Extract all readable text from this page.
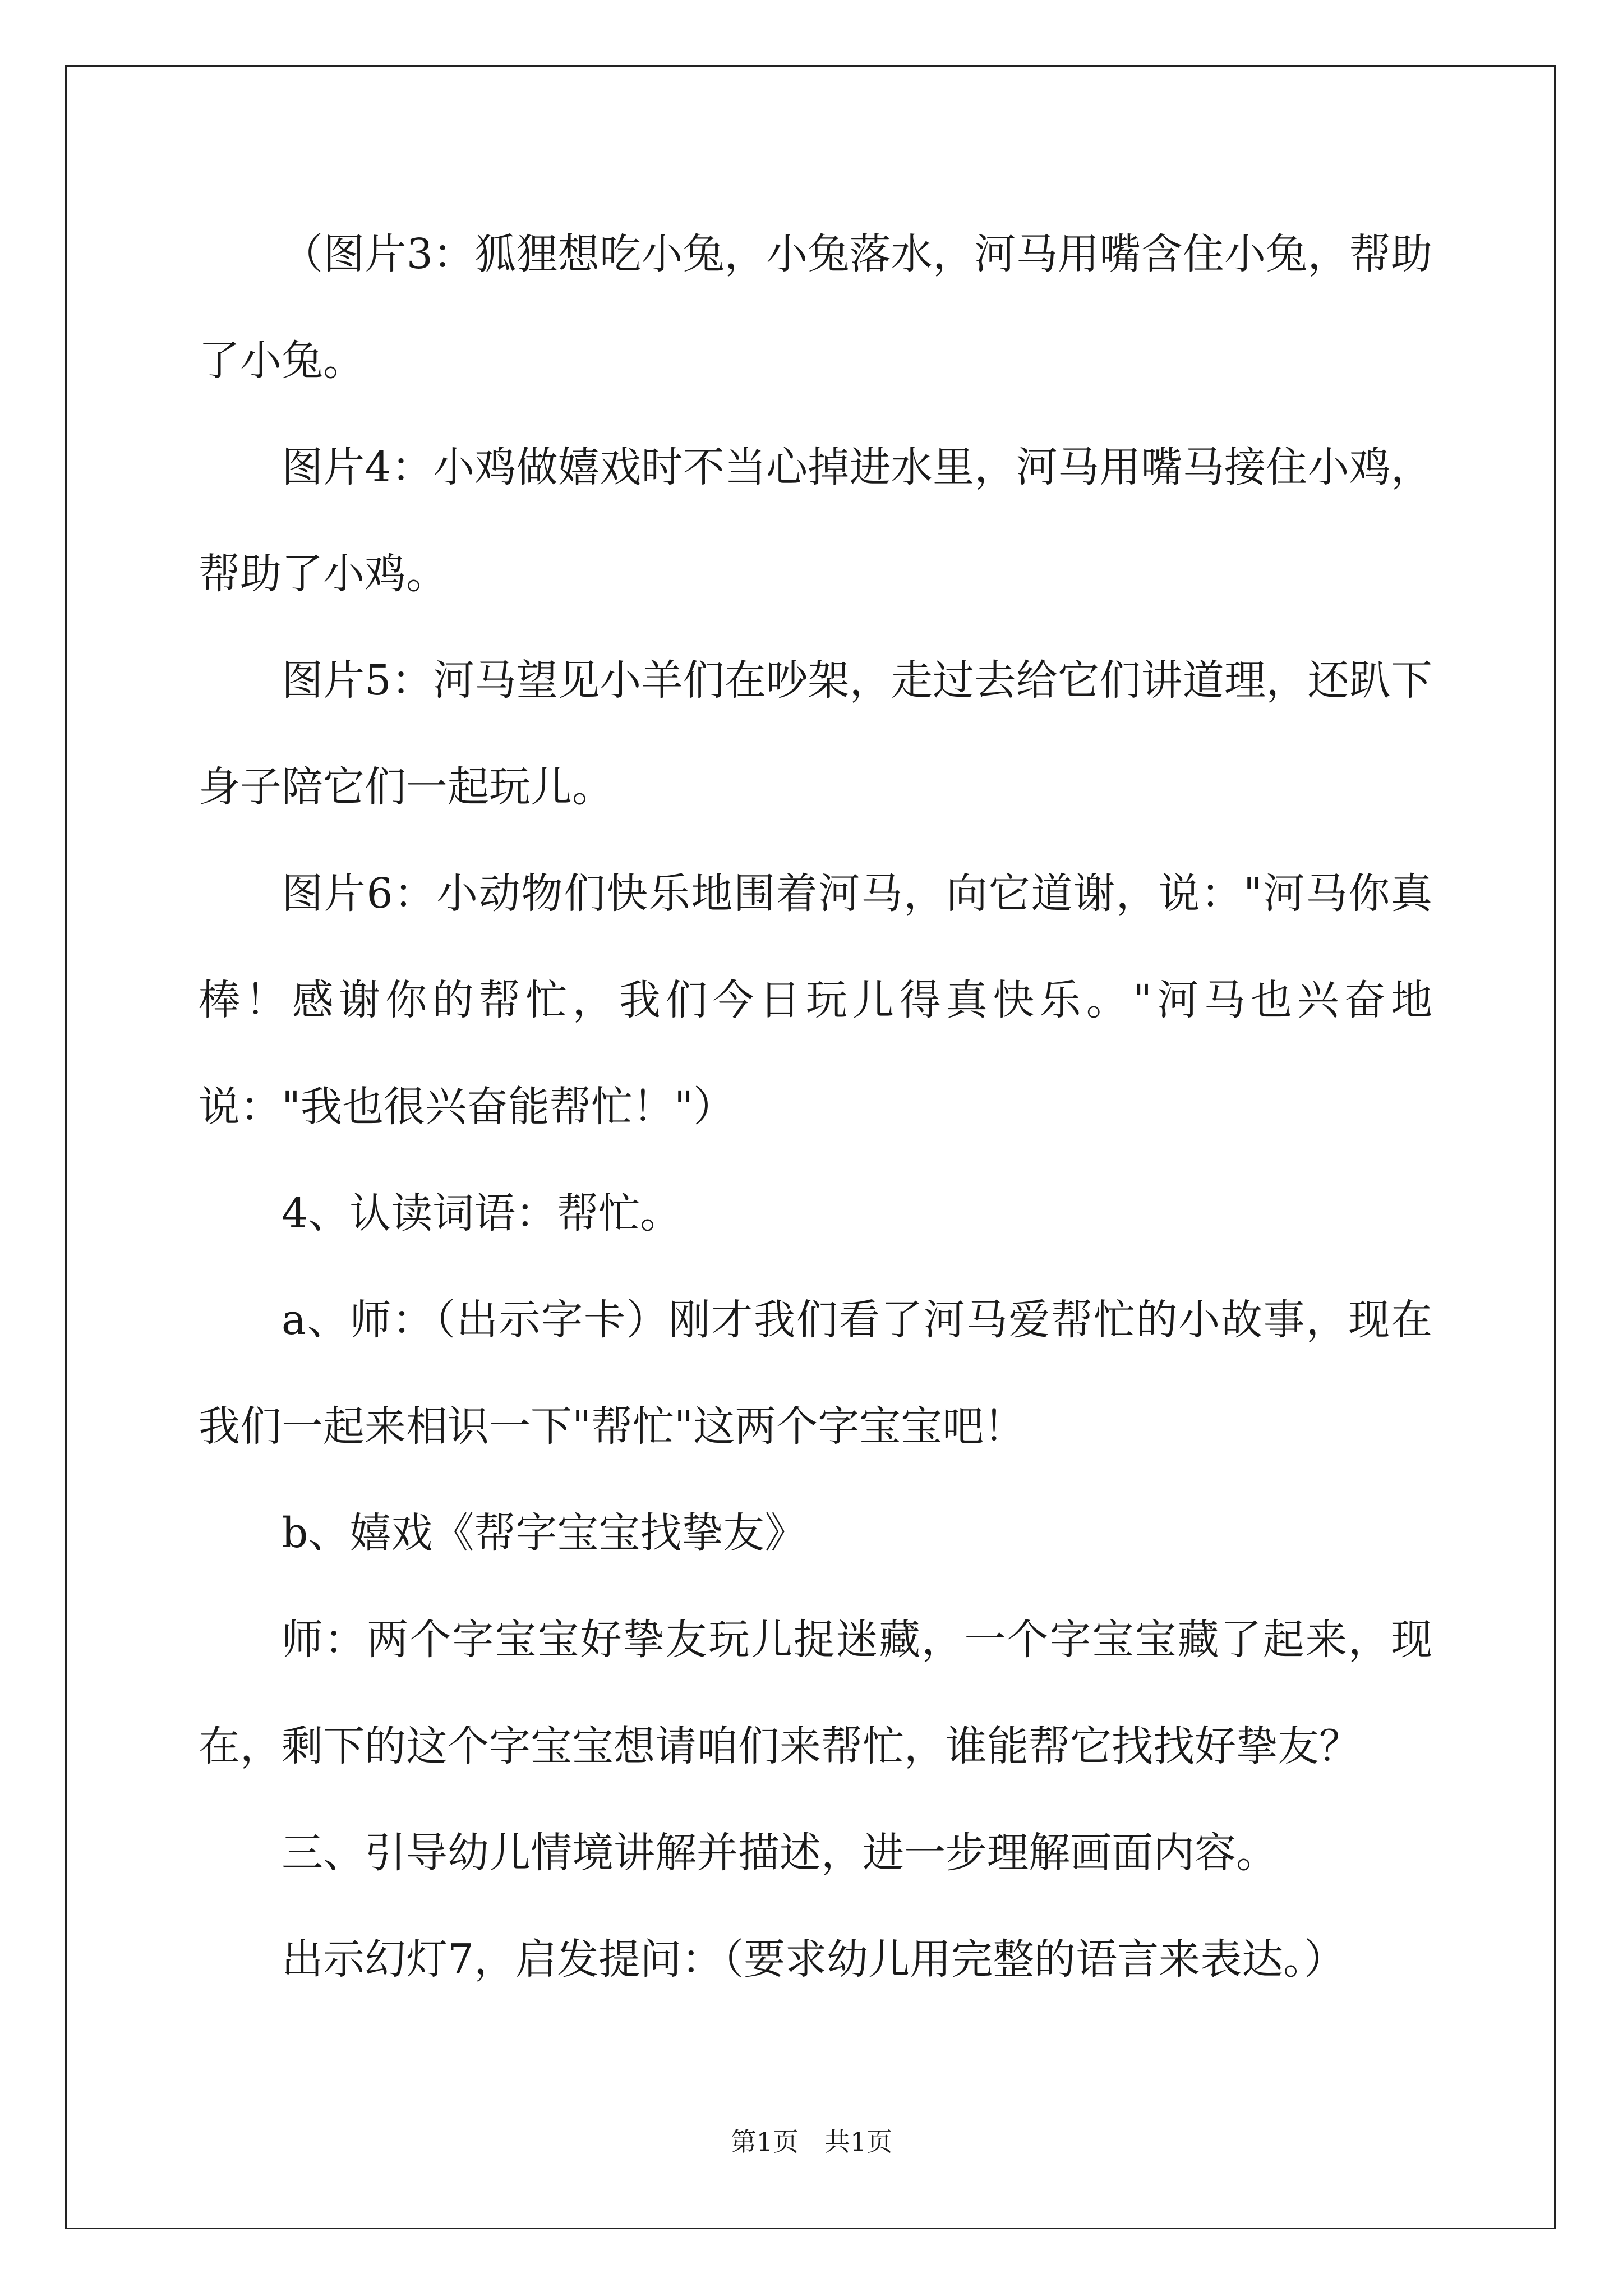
（图片3：狐狸想吃小兔，小兔落水，河马用嘴含住小兔，帮助了小兔。

图片4：小鸡做嬉戏时不当心掉进水里，河马用嘴马接住小鸡，帮助了小鸡。

图片5：河马望见小羊们在吵架，走过去给它们讲道理，还趴下身子陪它们一起玩儿。

图片6：小动物们快乐地围着河马，向它道谢，说："河马你真棒！感谢你的帮忙，我们今日玩儿得真快乐。"河马也兴奋地说："我也很兴奋能帮忙！"）

4、认读词语：帮忙。

a、师：（出示字卡）刚才我们看了河马爱帮忙的小故事，现在我们一起来相识一下"帮忙"这两个字宝宝吧！

b、嬉戏《帮字宝宝找挚友》

师：两个字宝宝好挚友玩儿捉迷藏，一个字宝宝藏了起来，现在，剩下的这个字宝宝想请咱们来帮忙，谁能帮它找找好挚友？

三、引导幼儿情境讲解并描述，进一步理解画面内容。

出示幻灯7，启发提问：（要求幼儿用完整的语言来表达。）

第1页　共1页
